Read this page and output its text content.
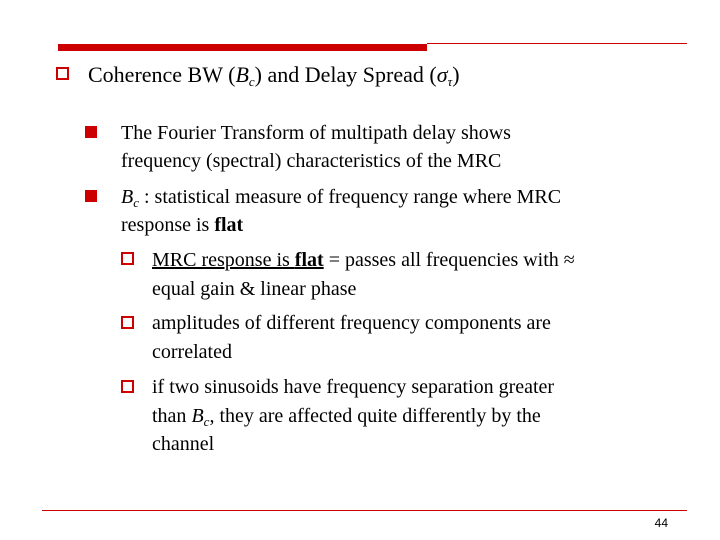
Coherence BW $(B_c)$ and Delay Spread $(\sigma_\tau)$
The Fourier Transform of multipath delay shows
frequency (spectral) characteristics of the MRC
$B_c$ : statistical measure of frequency range where MRC
response is flat
MRC response is flat = passes all frequencies with ≈
equal gain & linear phase
amplitudes of different frequency components are
correlated
if two sinusoids have frequency separation greater
than $B_c$, they are affected quite differently by the
channel
44
